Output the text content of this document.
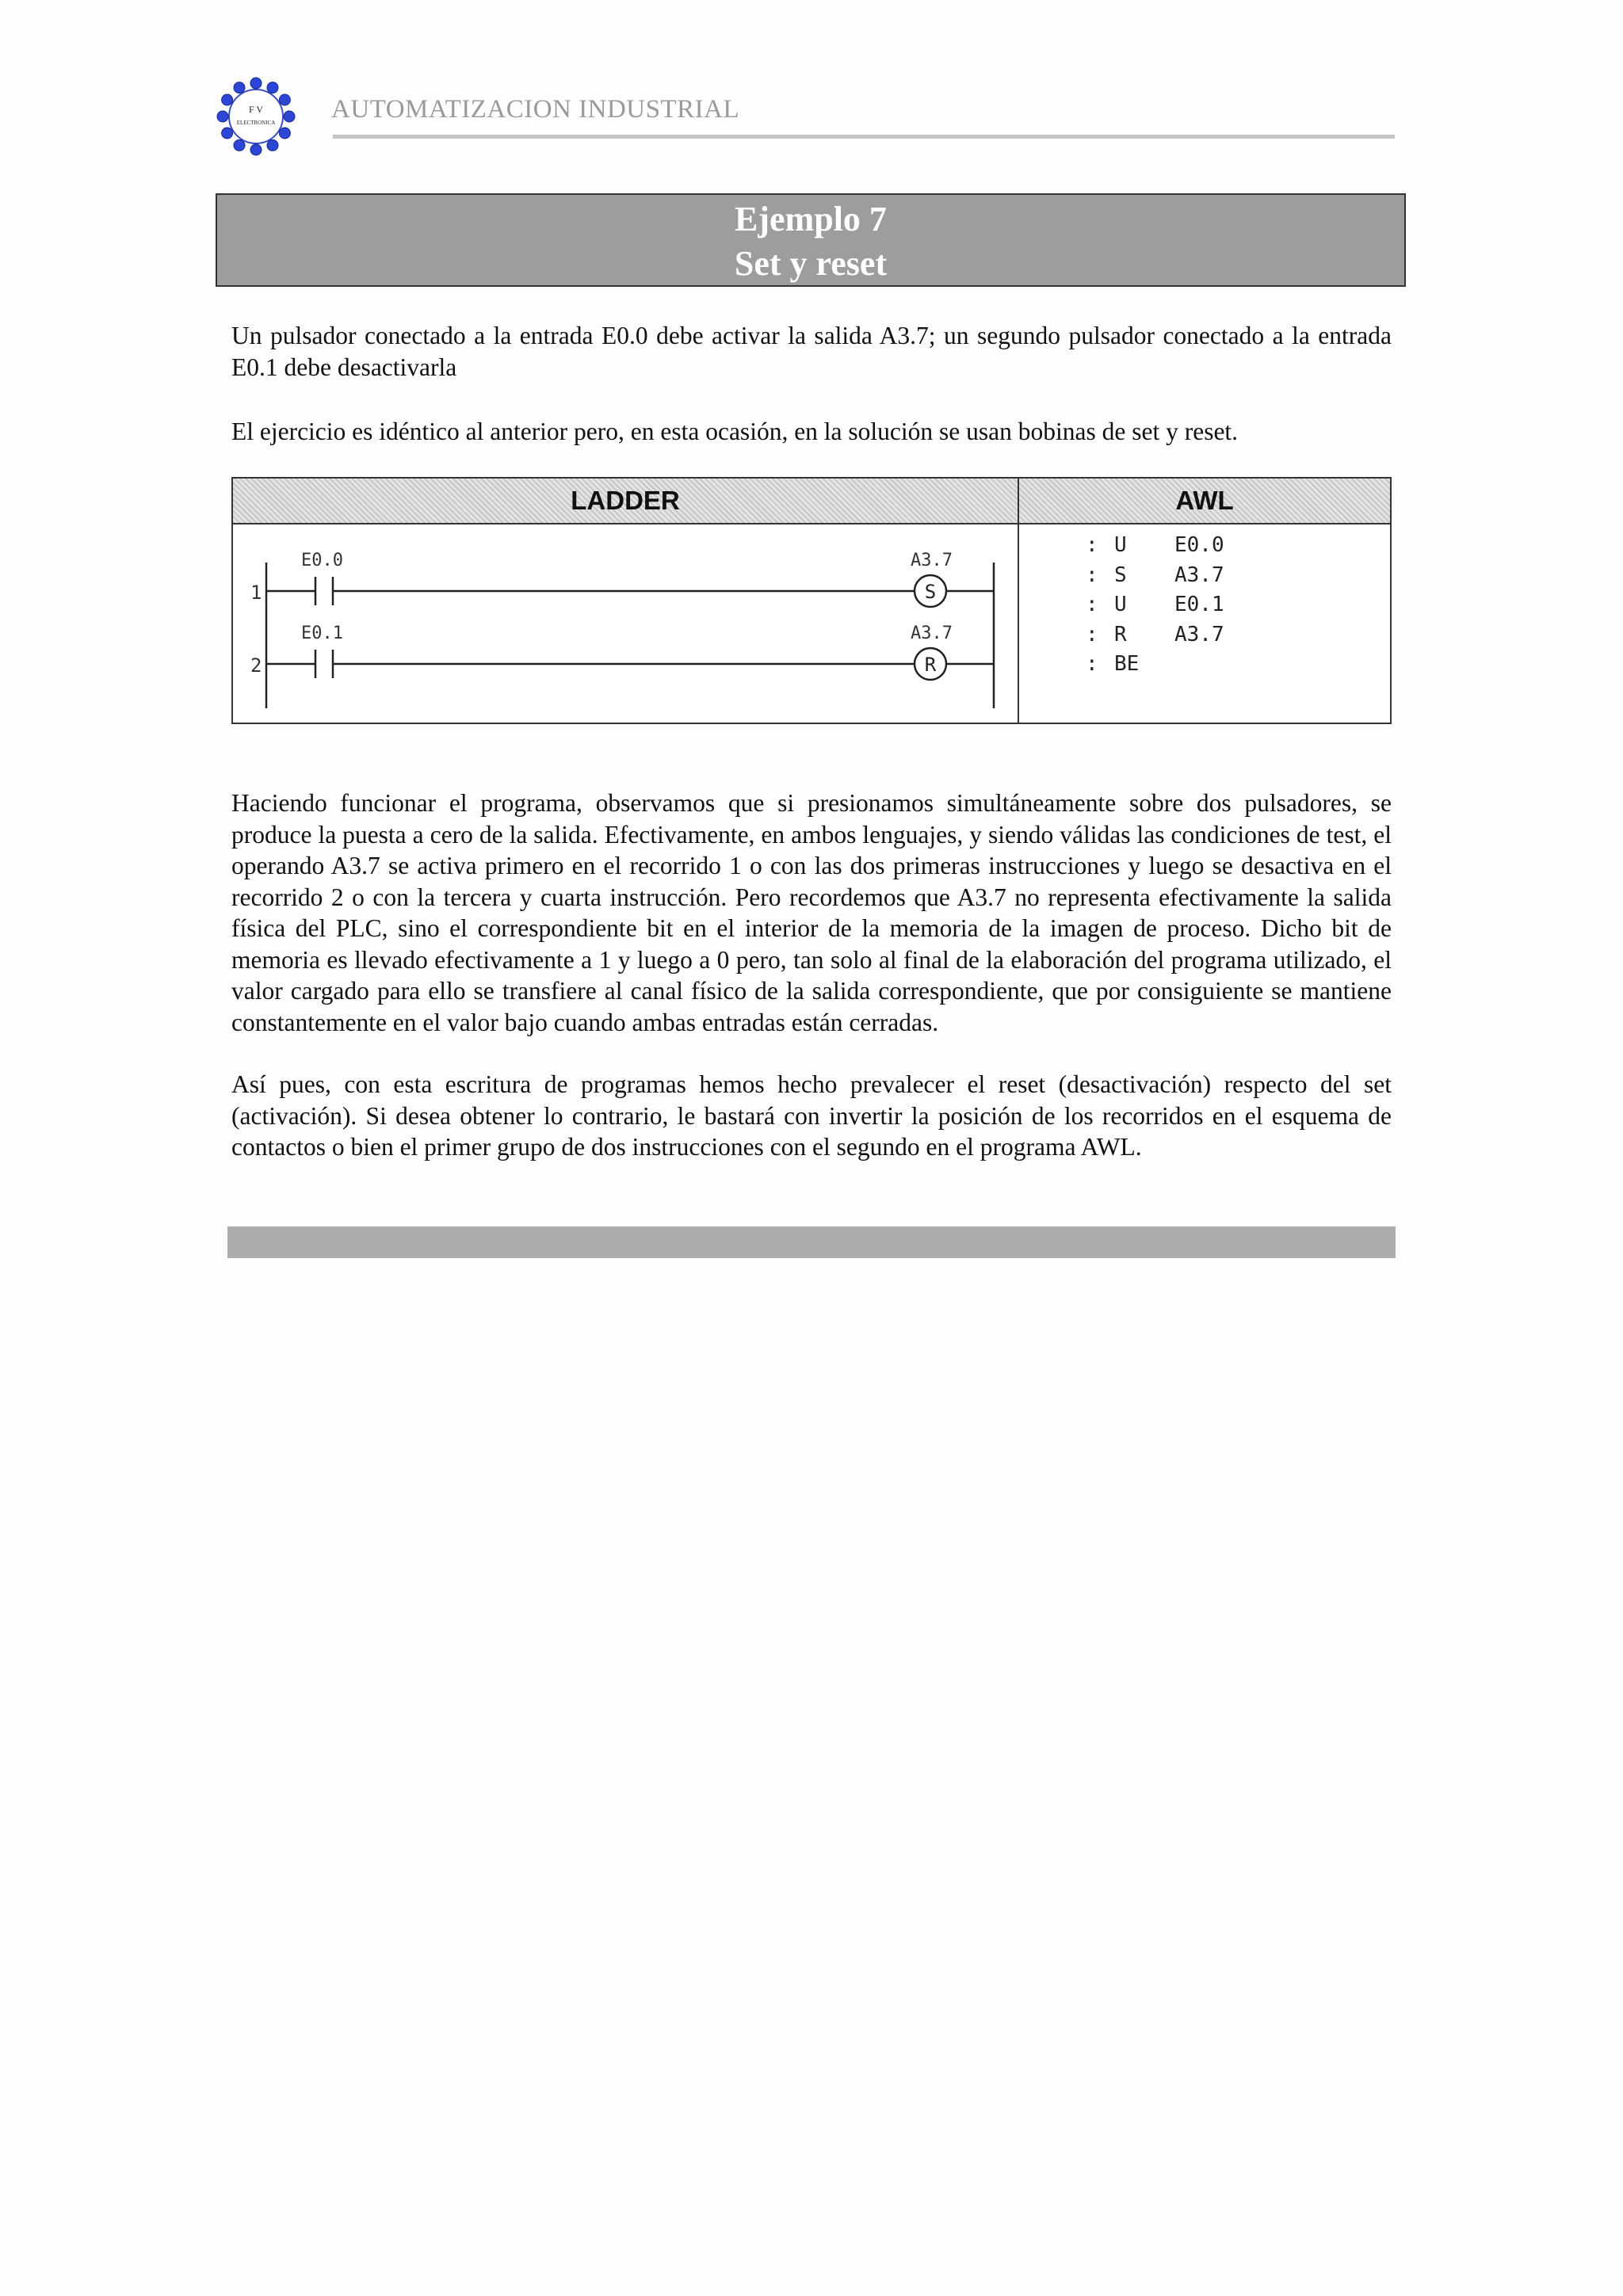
F V
ELECTRONICA AUTOMATIZACION INDUSTRIAL
Ejemplo 7
Set y reset

Un pulsador conectado a la entrada E0.0 debe activar la salida A3.7; un segundo pulsador conectado a la entrada E0.1 debe desactivarla

El ejercicio es idéntico al anterior pero, en esta ocasión, en la solución se usan bobinas de set y reset.

LADDER	AWL
1
E0.0	A3.7
S
2
E0.1	A3.7
R
: U E0.0
: S A3.7
: U E0.1
: R A3.7
: BE

Haciendo funcionar el programa, observamos que si presionamos simultáneamente sobre dos pulsadores, se produce la puesta a cero de la salida. Efectivamente, en ambos lenguajes, y siendo válidas las condiciones de test, el operando A3.7 se activa primero en el recorrido 1 o con las dos primeras instrucciones y luego se desactiva en el recorrido 2 o con la tercera y cuarta instrucción. Pero recordemos que A3.7 no representa efectivamente la salida física del PLC, sino el correspondiente bit en el interior de la memoria de la imagen de proceso. Dicho bit de memoria es llevado efectivamente a 1 y luego a 0 pero, tan solo al final de la elaboración del programa utilizado, el valor cargado para ello se transfiere al canal físico de la salida correspondiente, que por consiguiente se mantiene constantemente en el valor bajo cuando ambas entradas están cerradas.

Así pues, con esta escritura de programas hemos hecho prevalecer el reset (desactivación) respecto del set (activación). Si desea obtener lo contrario, le bastará con invertir la posición de los recorridos en el esquema de contactos o bien el primer grupo de dos instrucciones con el segundo en el programa AWL.
